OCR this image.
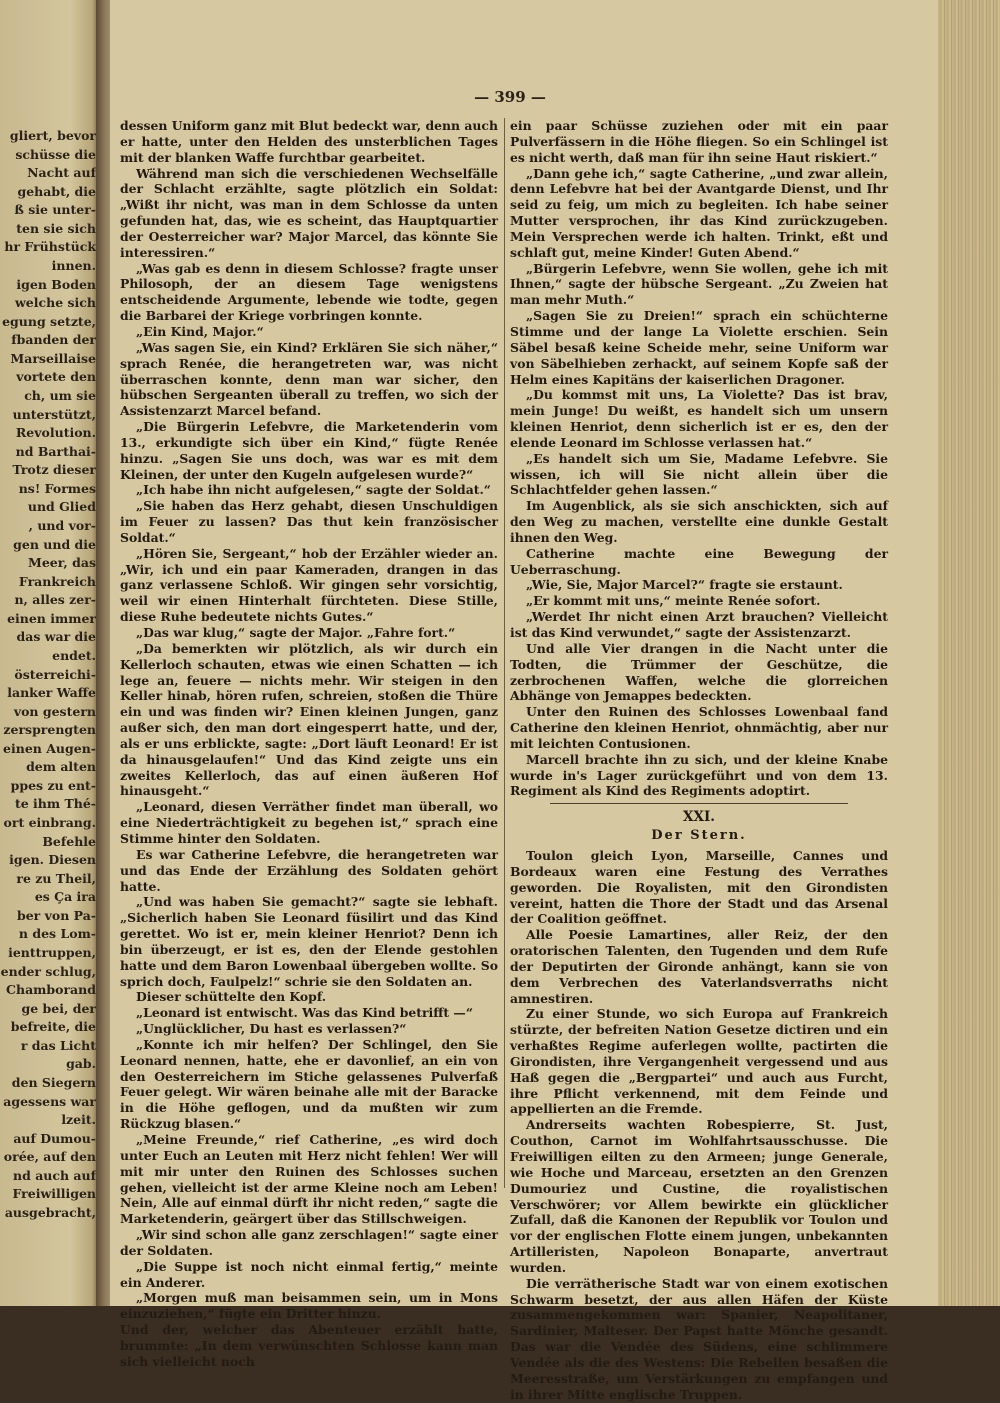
gliert, bevor
schüsse die
Nacht auf
gehabt, die
ß sie unter-
ten sie sich
hr Frühstück
innen.
igen Boden
welche sich
egung setzte,
fbanden der
Marseillaise
vortete den
ch, um sie
unterstützt,
Revolution.
nd Barthai-
Trotz dieser
ns! Formes
und Glied
, und vor-
gen und die
Meer, das
Frankreich
n, alles zer-
einen immer
das war die
endet.
österreichi-
lanker Waffe
von gestern
zersprengten
einen Augen-
dem alten
ppes zu ent-
te ihm Thé-
ort einbrang.
Befehle
igen. Diesen
re zu Theil,
es Ça ira
ber von Pa-
n des Lom-
ienttruppen,
ender schlug,
Chamborand
ge bei, der
befreite, die
r das Licht
gab.
den Siegern
agessens war
lzeit.
auf Dumou-
orée, auf den
nd auch auf
Freiwilligen
ausgebracht,
— 399 —

dessen Uniform ganz mit Blut bedeckt war, denn auch er hatte, unter den Helden des unsterblichen Tages mit der blanken Waffe furchtbar gearbeitet.

Während man sich die verschiedenen Wechselfälle der Schlacht erzählte, sagte plötzlich ein Soldat: „Wißt ihr nicht, was man in dem Schlosse da unten gefunden hat, das, wie es scheint, das Hauptquartier der Oesterreicher war? Major Marcel, das könnte Sie interessiren.“

„Was gab es denn in diesem Schlosse? fragte unser Philosoph, der an diesem Tage wenigstens entscheidende Argumente, lebende wie todte, gegen die Barbarei der Kriege vorbringen konnte.

„Ein Kind, Major.“

„Was sagen Sie, ein Kind? Erklären Sie sich näher,“ sprach Renée, die herangetreten war, was nicht überraschen konnte, denn man war sicher, den hübschen Sergeanten überall zu treffen, wo sich der Assistenzarzt Marcel befand.

„Die Bürgerin Lefebvre, die Marketenderin vom 13., erkundigte sich über ein Kind,“ fügte Renée hinzu. „Sagen Sie uns doch, was war es mit dem Kleinen, der unter den Kugeln aufgelesen wurde?“

„Ich habe ihn nicht aufgelesen,“ sagte der Soldat.“

„Sie haben das Herz gehabt, diesen Unschuldigen im Feuer zu lassen? Das thut kein französischer Soldat.“

„Hören Sie, Sergeant,“ hob der Erzähler wieder an. „Wir, ich und ein paar Kameraden, drangen in das ganz verlassene Schloß. Wir gingen sehr vorsichtig, weil wir einen Hinterhalt fürchteten. Diese Stille, diese Ruhe bedeutete nichts Gutes.“

„Das war klug,“ sagte der Major. „Fahre fort.“

„Da bemerkten wir plötzlich, als wir durch ein Kellerloch schauten, etwas wie einen Schatten — ich lege an, feuere — nichts mehr. Wir steigen in den Keller hinab, hören rufen, schreien, stoßen die Thüre ein und was finden wir? Einen kleinen Jungen, ganz außer sich, den man dort eingesperrt hatte, und der, als er uns erblickte, sagte: „Dort läuft Leonard! Er ist da hinausgelaufen!“ Und das Kind zeigte uns ein zweites Kellerloch, das auf einen äußeren Hof hinausgeht.“

„Leonard, diesen Verräther findet man überall, wo eine Niederträchtigkeit zu begehen ist,“ sprach eine Stimme hinter den Soldaten.

Es war Catherine Lefebvre, die herangetreten war und das Ende der Erzählung des Soldaten gehört hatte.

„Und was haben Sie gemacht?“ sagte sie lebhaft. „Sicherlich haben Sie Leonard füsilirt und das Kind gerettet. Wo ist er, mein kleiner Henriot? Denn ich bin überzeugt, er ist es, den der Elende gestohlen hatte und dem Baron Lowenbaal übergeben wollte. So sprich doch, Faulpelz!“ schrie sie den Soldaten an.

Dieser schüttelte den Kopf.

„Leonard ist entwischt. Was das Kind betrifft —“

„Unglücklicher, Du hast es verlassen?“

„Konnte ich mir helfen? Der Schlingel, den Sie Leonard nennen, hatte, ehe er davonlief, an ein von den Oesterreichern im Stiche gelassenes Pulverfaß Feuer gelegt. Wir wären beinahe alle mit der Baracke in die Höhe geflogen, und da mußten wir zum Rückzug blasen.“

„Meine Freunde,“ rief Catherine, „es wird doch unter Euch an Leuten mit Herz nicht fehlen! Wer will mit mir unter den Ruinen des Schlosses suchen gehen, vielleicht ist der arme Kleine noch am Leben! Nein, Alle auf einmal dürft ihr nicht reden,“ sagte die Marketenderin, geärgert über das Stillschweigen.

„Wir sind schon alle ganz zerschlagen!“ sagte einer der Soldaten.

„Die Suppe ist noch nicht einmal fertig,“ meinte ein Anderer.

„Morgen muß man beisammen sein, um in Mons einzuziehen,“ fügte ein Dritter hinzu.

Und der, welcher das Abenteuer erzählt hatte, brummte: „In dem verwünschten Schlosse kann man sich vielleicht noch

ein paar Schüsse zuziehen oder mit ein paar Pulverfässern in die Höhe fliegen. So ein Schlingel ist es nicht werth, daß man für ihn seine Haut riskiert.“

„Dann gehe ich,“ sagte Catherine, „und zwar allein, denn Lefebvre hat bei der Avantgarde Dienst, und Ihr seid zu feig, um mich zu begleiten. Ich habe seiner Mutter versprochen, ihr das Kind zurückzugeben. Mein Versprechen werde ich halten. Trinkt, eßt und schlaft gut, meine Kinder! Guten Abend.“

„Bürgerin Lefebvre, wenn Sie wollen, gehe ich mit Ihnen,“ sagte der hübsche Sergeant. „Zu Zweien hat man mehr Muth.“

„Sagen Sie zu Dreien!“ sprach ein schüchterne Stimme und der lange La Violette erschien. Sein Säbel besaß keine Scheide mehr, seine Uniform war von Säbelhieben zerhackt, auf seinem Kopfe saß der Helm eines Kapitäns der kaiserlichen Dragoner.

„Du kommst mit uns, La Violette? Das ist brav, mein Junge! Du weißt, es handelt sich um unsern kleinen Henriot, denn sicherlich ist er es, den der elende Leonard im Schlosse verlassen hat.“

„Es handelt sich um Sie, Madame Lefebvre. Sie wissen, ich will Sie nicht allein über die Schlachtfelder gehen lassen.“

Im Augenblick, als sie sich anschickten, sich auf den Weg zu machen, verstellte eine dunkle Gestalt ihnen den Weg.

Catherine machte eine Bewegung der Ueberraschung.

„Wie, Sie, Major Marcel?“ fragte sie erstaunt.

„Er kommt mit uns,“ meinte Renée sofort.

„Werdet Ihr nicht einen Arzt brauchen? Vielleicht ist das Kind verwundet,“ sagte der Assistenzarzt.

Und alle Vier drangen in die Nacht unter die Todten, die Trümmer der Geschütze, die zerbrochenen Waffen, welche die glorreichen Abhänge von Jemappes bedeckten.

Unter den Ruinen des Schlosses Lowenbaal fand Catherine den kleinen Henriot, ohnmächtig, aber nur mit leichten Contusionen.

Marcell brachte ihn zu sich, und der kleine Knabe wurde in's Lager zurückgeführt und von dem 13. Regiment als Kind des Regiments adoptirt.

XXI.

Der Stern.

Toulon gleich Lyon, Marseille, Cannes und Bordeaux waren eine Festung des Verrathes geworden. Die Royalisten, mit den Girondisten vereint, hatten die Thore der Stadt und das Arsenal der Coalition geöffnet.

Alle Poesie Lamartines, aller Reiz, der den oratorischen Talenten, den Tugenden und dem Rufe der Deputirten der Gironde anhängt, kann sie von dem Verbrechen des Vaterlandsverraths nicht amnestiren.

Zu einer Stunde, wo sich Europa auf Frankreich stürzte, der befreiten Nation Gesetze dictiren und ein verhaßtes Regime auferlegen wollte, pactirten die Girondisten, ihre Vergangenheit vergessend und aus Haß gegen die „Bergpartei“ und auch aus Furcht, ihre Pflicht verkennend, mit dem Feinde und appellierten an die Fremde.

Andrerseits wachten Robespierre, St. Just, Couthon, Carnot im Wohlfahrtsausschusse. Die Freiwilligen eilten zu den Armeen; junge Generale, wie Hoche und Marceau, ersetzten an den Grenzen Dumouriez und Custine, die royalistischen Verschwörer; vor Allem bewirkte ein glücklicher Zufall, daß die Kanonen der Republik vor Toulon und vor der englischen Flotte einem jungen, unbekannten Artilleristen, Napoleon Bonaparte, anvertraut wurden.

Die verrätherische Stadt war von einem exotischen Schwarm besetzt, der aus allen Häfen der Küste zusammengekommen war: Spanier, Neapolitaner, Sardinier, Malteser. Der Papst hatte Mönche gesandt. Das war die Vendée des Südens, eine schlimmere Vendée als die des Westens: Die Rebellen besaßen die Meeresstraße, um Verstärkungen zu empfangen und in ihrer Mitte englische Truppen.
